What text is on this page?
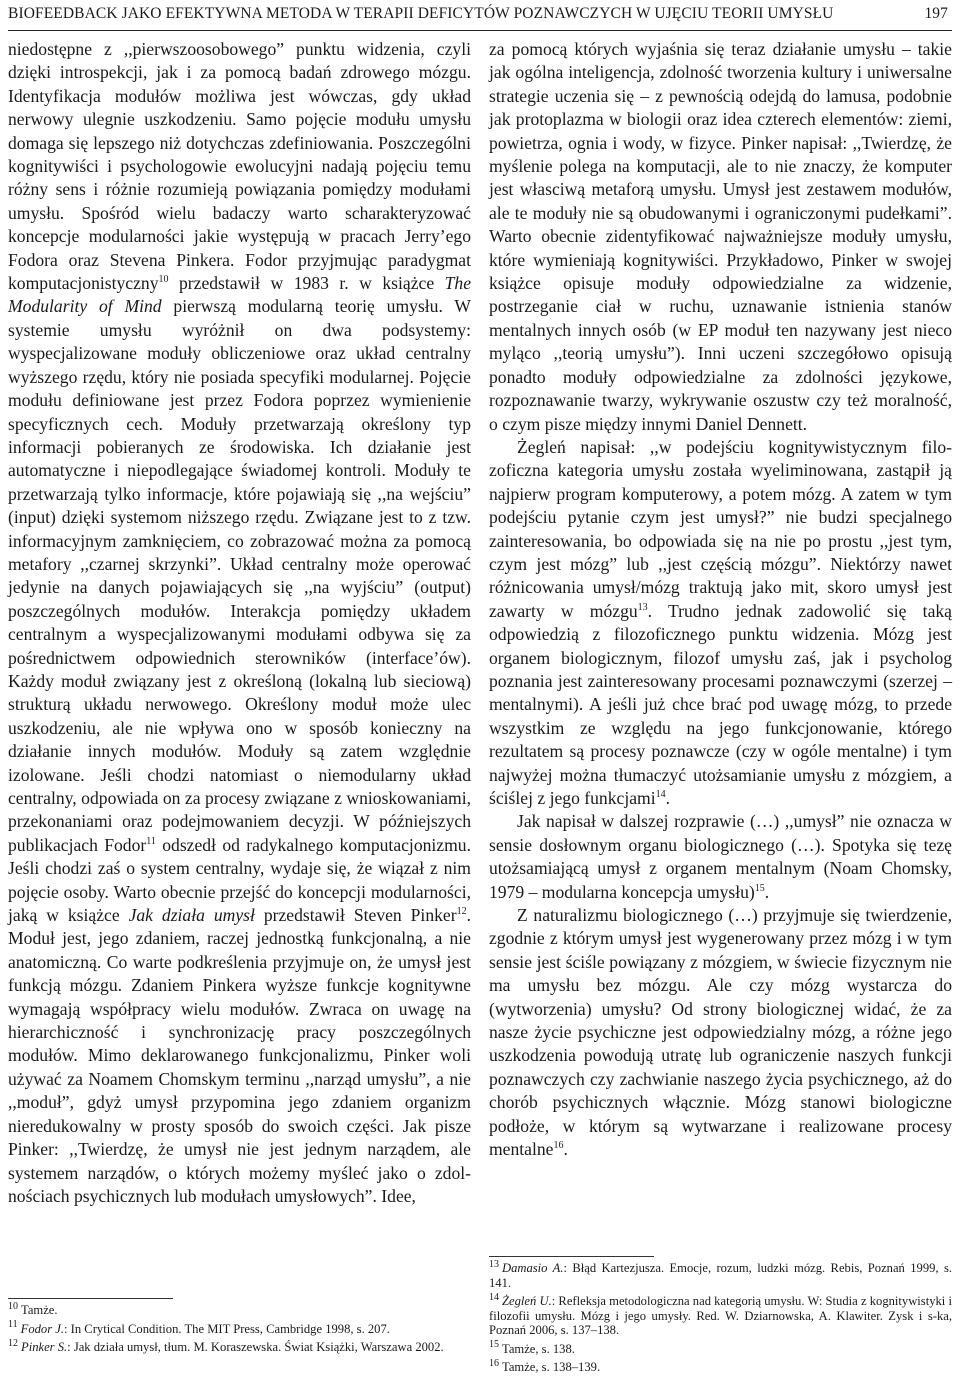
BIOFEEDBACK JAKO EFEKTYWNA METODA W TERAPII DEFICYTÓW POZNAWCZYCH W UJĘCIU TEORII UMYSŁU	197

niedostępne z ,,pierwszoosobowego” punktu widzenia, czyli dzięki introspekcji, jak i za pomocą badań zdrowego mózgu. Identyfikacja modułów możliwa jest wówczas, gdy układ nerwowy ulegnie uszkodzeniu. Samo pojęcie modułu umysłu domaga się lepszego niż dotychczas zdefiniowania. Poszczególni kognitywiści i psychologowie ewolucyjni nadają pojęciu temu różny sens i różnie rozumieją powiązania pomiędzy modułami umysłu. Spośród wielu badaczy warto scharakteryzować koncepcje modularności jakie występują w pracach Jerry’ego Fodora oraz Stevena Pinkera. Fodor przyjmując paradygmat komputacjonistyczny$^{10}$ przedstawił w 1983 r. w książce The Modularity of Mind pierwszą modularną teorię umysłu. W systemie umysłu wyróżnił on dwa podsystemy: wyspecjalizowane moduły obliczeniowe oraz układ centralny wyższego rzędu, który nie posiada specyfiki modularnej. Pojęcie modułu definiowane jest przez Fodora poprzez wymienienie specyficznych cech. Moduły przetwarzają określony typ informacji pobieranych ze środowiska. Ich działanie jest automatyczne i niepodlegające świadomej kontroli. Moduły te przetwarzają tylko informacje, które pojawiają się ,,na wejściu” (input) dzięki systemom niższego rzędu. Związane jest to z tzw. informacyjnym zamknięciem, co zobrazować można za pomocą metafory ,,czarnej skrzynki”. Układ centralny może operować jedynie na danych pojawiających się ,,na wyjściu” (output) poszczególnych modułów. Interakcja pomiędzy układem centralnym a wyspecjalizowanymi modułami odbywa się za pośrednictwem odpowiednich sterowników (interface’ów). Każdy moduł związany jest z określoną (lokalną lub sieciową) strukturą układu nerwowego. Określony moduł może ulec uszkodzeniu, ale nie wpływa ono w sposób konieczny na działanie innych modułów. Moduły są zatem względnie izolowane. Jeśli chodzi natomiast o niemodularny układ centralny, odpowiada on za procesy związane z wnioskowaniami, przekonaniami oraz podejmowaniem decyzji. W późniejszych publikacjach Fodor$^{11}$ odszedł od radykalnego komputacjonizmu. Jeśli chodzi zaś o system centralny, wydaje się, że wiązał z nim pojęcie osoby. Warto obecnie przejść do koncepcji modularności, jaką w książce Jak działa umysł przedstawił Steven Pinker$^{12}$. Moduł jest, jego zdaniem, raczej jednostką funkcjonalną, a nie anatomiczną. Co warte podkreślenia przyjmuje on, że umysł jest funkcją mózgu. Zdaniem Pinkera wyższe funkcje kognitywne wymagają współpracy wielu modułów. Zwraca on uwagę na hierarchiczność i synchronizację pracy poszczególnych modułów. Mimo deklarowanego funkcjonalizmu, Pinker woli używać za Noamem Chomskym terminu ,,narząd umysłu”, a nie ,,moduł”, gdyż umysł przypomina jego zdaniem organizm nieredukowalny w prosty sposób do swoich części. Jak pisze Pinker: ,,Twierdzę, że umysł nie jest jednym narządem, ale systemem narządów, o których możemy myśleć jako o zdolnościach psychicznych lub modułach umysłowych”. Idee,

za pomocą których wyjaśnia się teraz działanie umysłu – takie jak ogólna inteligencja, zdolność tworzenia kultury i uniwersalne strategie uczenia się – z pewnością odejdą do lamusa, podobnie jak protoplazma w biologii oraz idea czterech elementów: ziemi, powietrza, ognia i wody, w fizyce. Pinker napisał: ,,Twierdzę, że myślenie polega na komputacji, ale to nie znaczy, że komputer jest własciwą metaforą umysłu. Umysł jest zestawem modułów, ale te moduły nie są obudowanymi i ograniczonymi pudełkami”. Warto obecnie zidentyfikować najważniejsze moduły umysłu, które wymieniają kognitywiści. Przykładowo, Pinker w swojej książce opisuje moduły odpowiedzialne za widzenie, postrzeganie ciał w ruchu, uznawanie istnienia stanów mentalnych innych osób (w EP moduł ten nazywany jest nieco myląco ,,teorią umysłu”). Inni uczeni szczegółowo opisują ponadto moduły odpowiedzialne za zdolności językowe, rozpoznawanie twarzy, wykrywanie oszustw czy też moralność, o czym pisze między innymi Daniel Dennett.

Żegleń napisał: ,,w podejściu kognitywistycznym filozoficzna kategoria umysłu została wyeliminowana, zastąpił ją najpierw program komputerowy, a potem mózg. A zatem w tym podejściu pytanie czym jest umysł?” nie budzi specjalnego zainteresowania, bo odpowiada się na nie po prostu ,,jest tym, czym jest mózg” lub ,,jest częścią mózgu”. Niektórzy nawet różnicowania umysł/mózg traktują jako mit, skoro umysł jest zawarty w mózgu$^{13}$. Trudno jednak zadowolić się taką odpowiedzią z filozoficznego punktu widzenia. Mózg jest organem biologicznym, filozof umysłu zaś, jak i psycholog poznania jest zainteresowany procesami poznawczymi (szerzej – mentalnymi). A jeśli już chce brać pod uwagę mózg, to przede wszystkim ze względu na jego funkcjonowanie, którego rezultatem są procesy poznawcze (czy w ogóle mentalne) i tym najwyżej można tłumaczyć utożsamianie umysłu z mózgiem, a ściślej z jego funkcjami$^{14}$.

Jak napisał w dalszej rozprawie (…) ,,umysł” nie oznacza w sensie dosłownym organu biologicznego (…). Spotyka się tezę utożsamiającą umysł z organem mentalnym (Noam Chomsky, 1979 – modularna koncepcja umysłu)$^{15}$.

Z naturalizmu biologicznego (…) przyjmuje się twierdzenie, zgodnie z którym umysł jest wygenerowany przez mózg i w tym sensie jest ściśle powiązany z mózgiem, w świecie fizycznym nie ma umysłu bez mózgu. Ale czy mózg wystarcza do (wytworzenia) umysłu? Od strony biologicznej widać, że za nasze życie psychiczne jest odpowiedzialny mózg, a różne jego uszkodzenia powodują utratę lub ograniczenie naszych funkcji poznawczych czy zachwianie naszego życia psychicznego, aż do chorób psychicznych włącznie. Mózg stanowi biologiczne podłoże, w którym są wytwarzane i realizowane procesy mentalne$^{16}$.

$^{10}$ Tamże.
$^{11}$ Fodor J.: In Crytical Condition. The MIT Press, Cambridge 1998, s. 207.
$^{12}$ Pinker S.: Jak działa umysł, tłum. M. Koraszewska. Świat Książki, Warszawa 2002.
$^{13}$ Damasio A.: Błąd Kartezjusza. Emocje, rozum, ludzki mózg. Rebis, Poznań 1999, s. 141.
$^{14}$ Żegleń U.: Refleksja metodologiczna nad kategorią umysłu. W: Studia z kognitywistyki i filozofii umysłu. Mózg i jego umysły. Red. W. Dziarnowska, A. Klawiter. Zysk i s-ka, Poznań 2006, s. 137–138.
$^{15}$ Tamże, s. 138.
$^{16}$ Tamże, s. 138–139.
